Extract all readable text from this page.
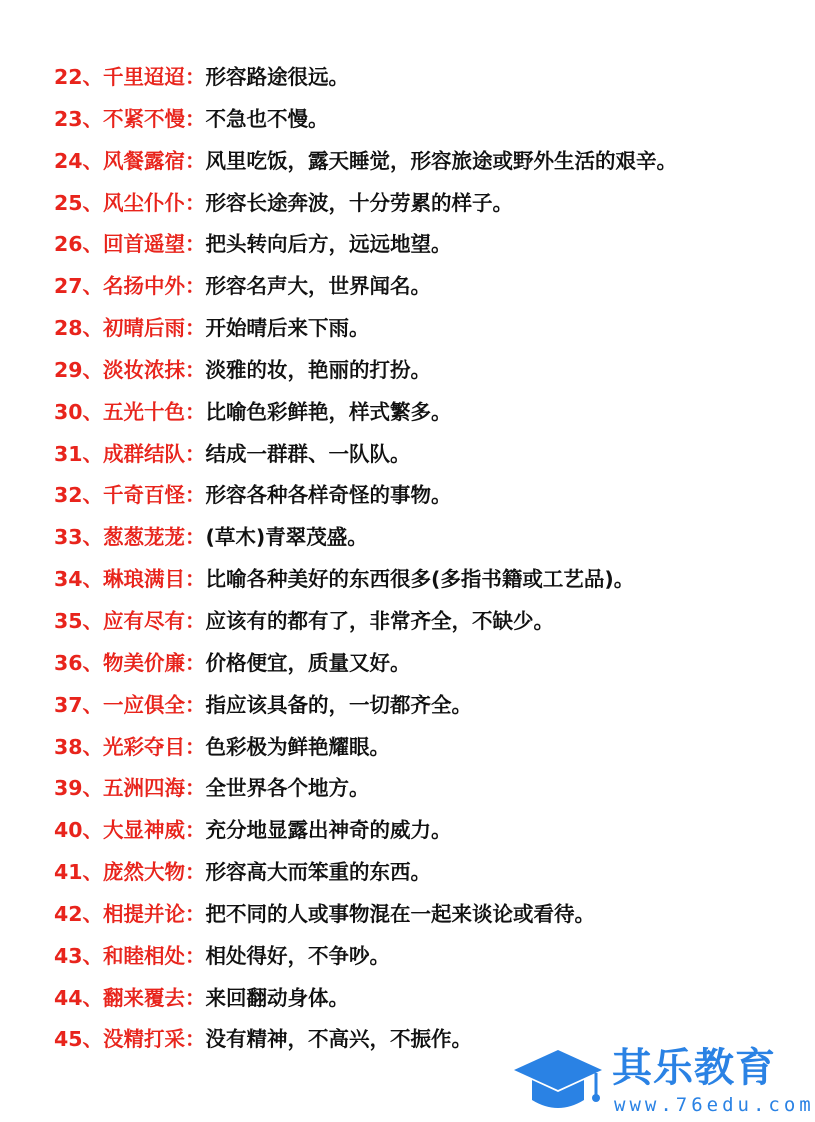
22、千里迢迢：形容路途很远。
23、不紧不慢：不急也不慢。
24、风餐露宿：风里吃饭，露天睡觉，形容旅途或野外生活的艰辛。
25、风尘仆仆：形容长途奔波，十分劳累的样子。
26、回首遥望：把头转向后方，远远地望。
27、名扬中外：形容名声大，世界闻名。
28、初晴后雨：开始晴后来下雨。
29、淡妆浓抹：淡雅的妆，艳丽的打扮。
30、五光十色：比喻色彩鲜艳，样式繁多。
31、成群结队：结成一群群、一队队。
32、千奇百怪：形容各种各样奇怪的事物。
33、葱葱茏茏：(草木)青翠茂盛。
34、琳琅满目：比喻各种美好的东西很多(多指书籍或工艺品)。
35、应有尽有：应该有的都有了，非常齐全，不缺少。
36、物美价廉：价格便宜，质量又好。
37、一应俱全：指应该具备的，一切都齐全。
38、光彩夺目：色彩极为鲜艳耀眼。
39、五洲四海：全世界各个地方。
40、大显神威：充分地显露出神奇的威力。
41、庞然大物：形容高大而笨重的东西。
42、相提并论：把不同的人或事物混在一起来谈论或看待。
43、和睦相处：相处得好，不争吵。
44、翻来覆去：来回翻动身体。
45、没精打采：没有精神，不高兴，不振作。
其乐教育
www.76edu.com
